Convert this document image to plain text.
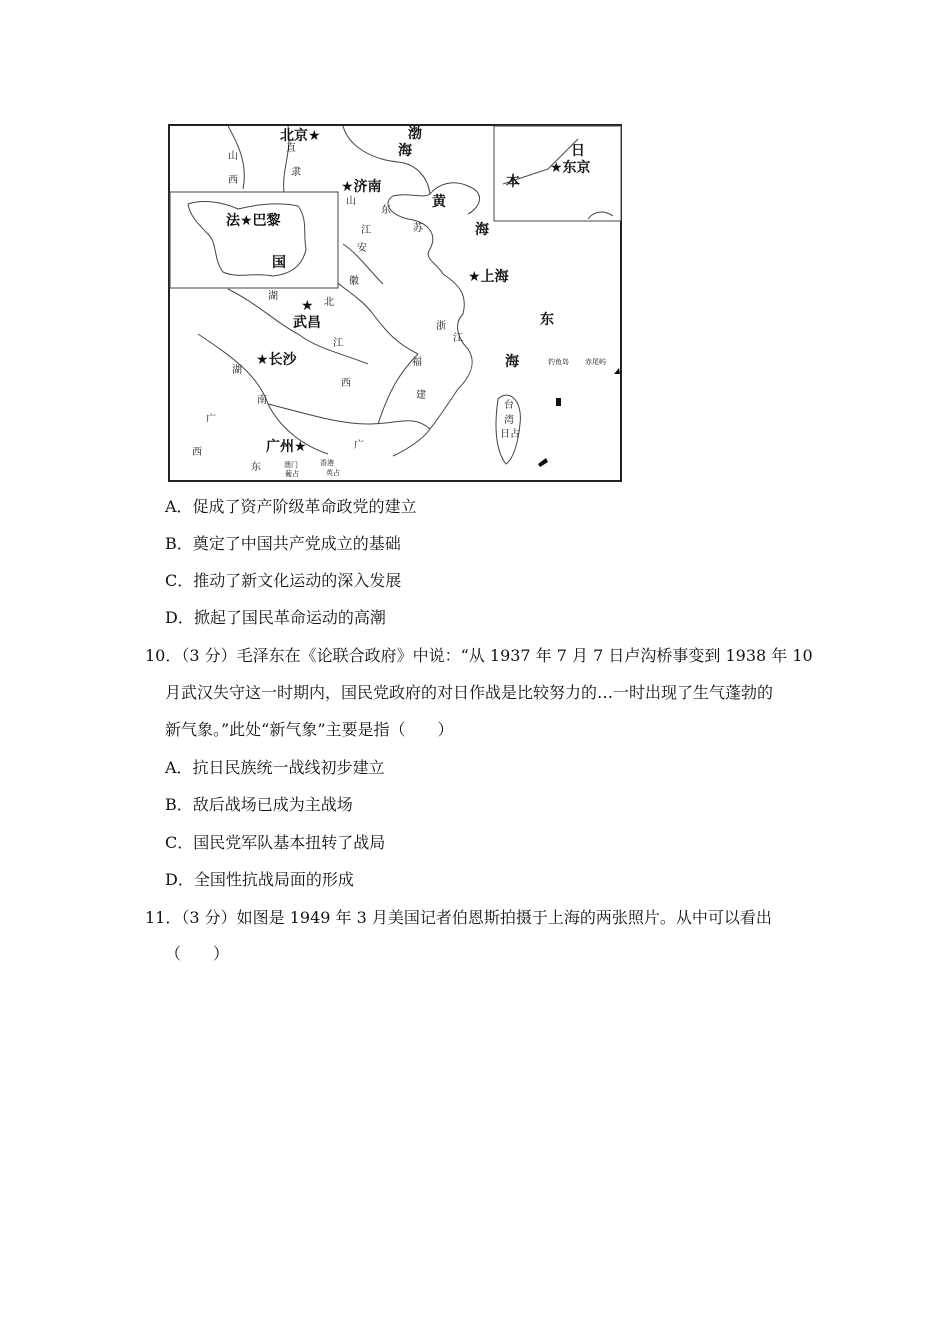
北京★
★济南
法★巴黎
★上海
★
武昌
★长沙
广州★
★东京
渤
海
黄
海
日
本
东
海
国
山
西
直
隶
山
东
苏
江
安
徽
湖
北
浙
江
江
西
福
建
湖
南
广
西
广
东
台
湾
日占
钓鱼岛 赤尾屿
澳门
葡占
香港
英占
A．促成了资产阶级革命政党的建立
B．奠定了中国共产党成立的基础
C．推动了新文化运动的深入发展
D．掀起了国民革命运动的高潮
10．（3 分）毛泽东在《论联合政府》中说：“从 1937 年 7 月 7 日卢沟桥事变到 1938 年 10
月武汉失守这一时期内，国民党政府的对日作战是比较努力的…一时出现了生气蓬勃的
新气象。”此处“新气象”主要是指（　　）
A．抗日民族统一战线初步建立
B．敌后战场已成为主战场
C．国民党军队基本扭转了战局
D．全国性抗战局面的形成
11．（3 分）如图是 1949 年 3 月美国记者伯恩斯拍摄于上海的两张照片。从中可以看出
（　　）
